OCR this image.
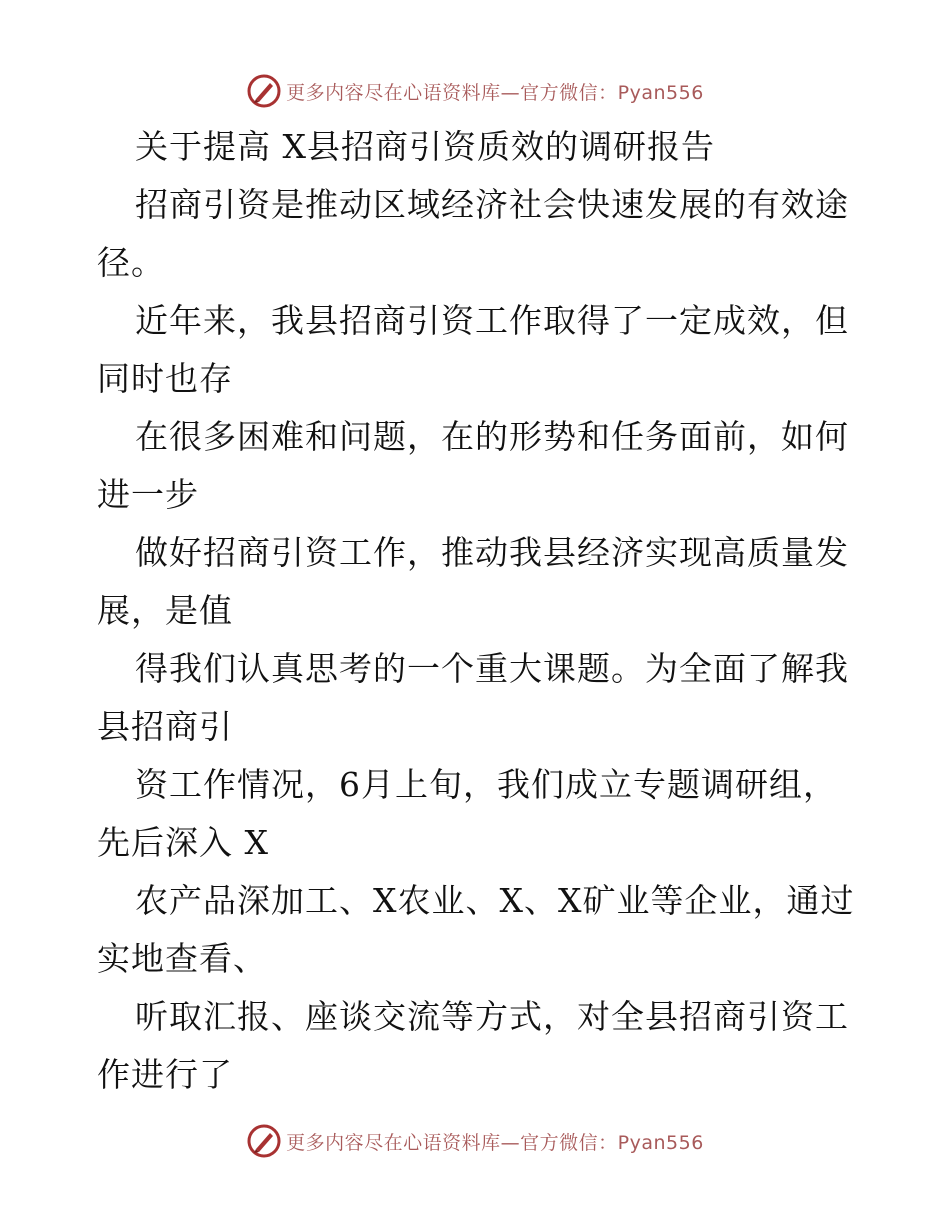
更多内容尽在心语资料库—官方微信：Pyan556
关于提高 X县招商引资质效的调研报告
招商引资是推动区域经济社会快速发展的有效途
径。
近年来，我县招商引资工作取得了一定成效，但
同时也存
在很多困难和问题，在的形势和任务面前，如何
进一步
做好招商引资工作，推动我县经济实现高质量发
展，是值
得我们认真思考的一个重大课题。为全面了解我
县招商引
资工作情况，6月上旬，我们成立专题调研组，
先后深入 X
农产品深加工、X农业、X、X矿业等企业，通过
实地查看、
听取汇报、座谈交流等方式，对全县招商引资工
作进行了
更多内容尽在心语资料库—官方微信：Pyan556
